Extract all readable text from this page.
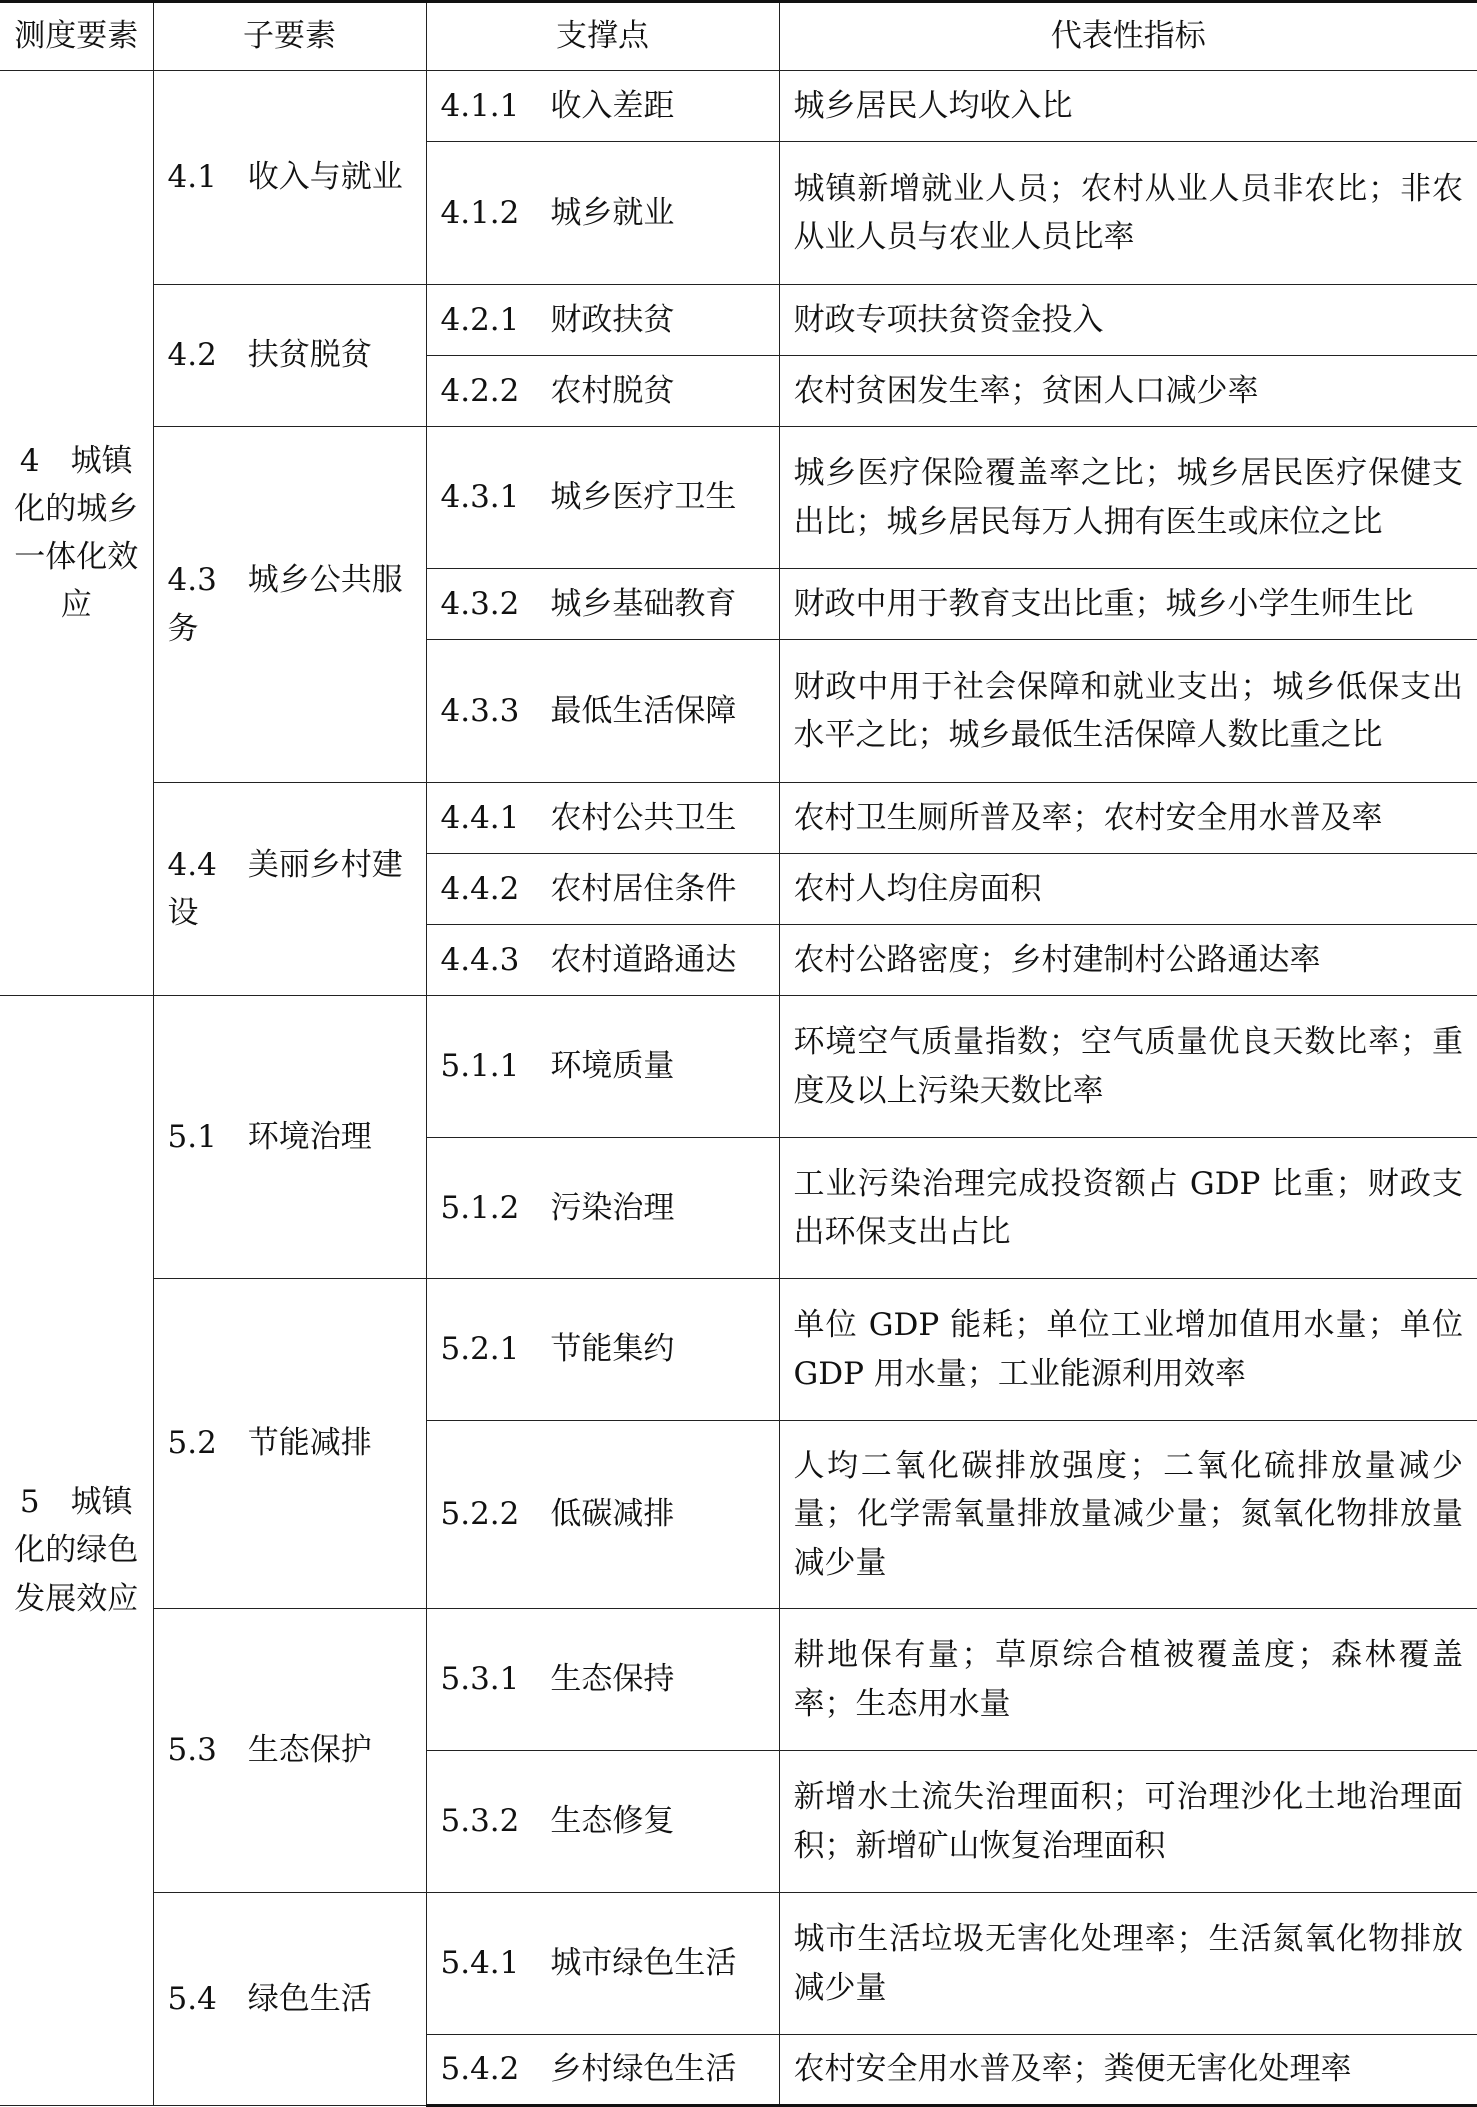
测度要素	子要素	支撑点	代表性指标
4　城镇化的城乡一体化效应	4.1　收入与就业	4.1.1　收入差距	城乡居民人均收入比
		4.1.2　城乡就业	城镇新增就业人员；农村从业人员非农比；非农从业人员与农业人员比率
	4.2　扶贫脱贫	4.2.1　财政扶贫	财政专项扶贫资金投入
		4.2.2　农村脱贫	农村贫困发生率；贫困人口减少率
	4.3　城乡公共服务	4.3.1　城乡医疗卫生	城乡医疗保险覆盖率之比；城乡居民医疗保健支出比；城乡居民每万人拥有医生或床位之比
		4.3.2　城乡基础教育	财政中用于教育支出比重；城乡小学生师生比
		4.3.3　最低生活保障	财政中用于社会保障和就业支出；城乡低保支出水平之比；城乡最低生活保障人数比重之比
	4.4　美丽乡村建设	4.4.1　农村公共卫生	农村卫生厕所普及率；农村安全用水普及率
		4.4.2　农村居住条件	农村人均住房面积
		4.4.3　农村道路通达	农村公路密度；乡村建制村公路通达率
5　城镇化的绿色发展效应	5.1　环境治理	5.1.1　环境质量	环境空气质量指数；空气质量优良天数比率；重度及以上污染天数比率
		5.1.2　污染治理	工业污染治理完成投资额占 GDP 比重；财政支出环保支出占比
	5.2　节能减排	5.2.1　节能集约	单位 GDP 能耗；单位工业增加值用水量；单位 GDP 用水量；工业能源利用效率
		5.2.2　低碳减排	人均二氧化碳排放强度；二氧化硫排放量减少量；化学需氧量排放量减少量；氮氧化物排放量减少量
	5.3　生态保护	5.3.1　生态保持	耕地保有量；草原综合植被覆盖度；森林覆盖率；生态用水量
		5.3.2　生态修复	新增水土流失治理面积；可治理沙化土地治理面积；新增矿山恢复治理面积
	5.4　绿色生活	5.4.1　城市绿色生活	城市生活垃圾无害化处理率；生活氮氧化物排放减少量
		5.4.2　乡村绿色生活	农村安全用水普及率；粪便无害化处理率
